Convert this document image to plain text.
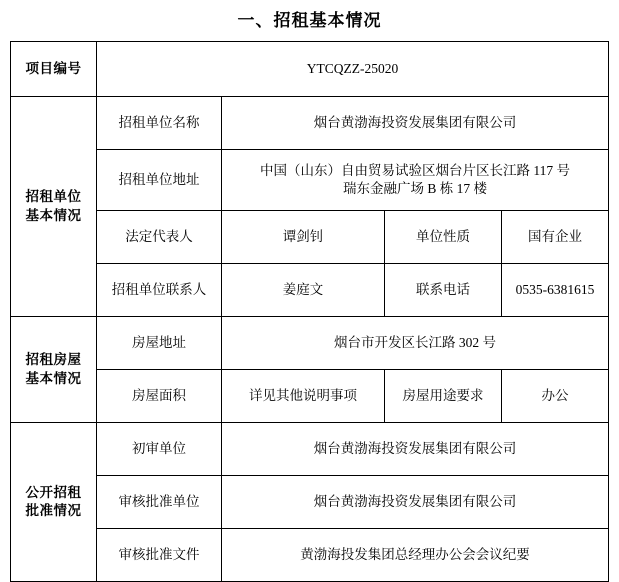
一、招租基本情况
项目编号	YTCQZZ-25020			

招租单位
基本情况	招租单位名称	烟台黄渤海投资发展集团有限公司		
	招租单位地址	中国（山东）自由贸易试验区烟台片区长江路 117 号
瑞东金融广场 B 栋 17 楼		

	法定代表人	谭剑钊	单位性质	国有企业
	招租单位联系人	姜庭文	联系电话	0535-6381615

招租房屋
基本情况	房屋地址	烟台市开发区长江路 302 号		
	房屋面积	详见其他说明事项	房屋用途要求	办公

公开招租
批准情况	初审单位	烟台黄渤海投资发展集团有限公司		
	审核批准单位	烟台黄渤海投资发展集团有限公司		
	审核批准文件	黄渤海投发集团总经理办公会会议纪要		
